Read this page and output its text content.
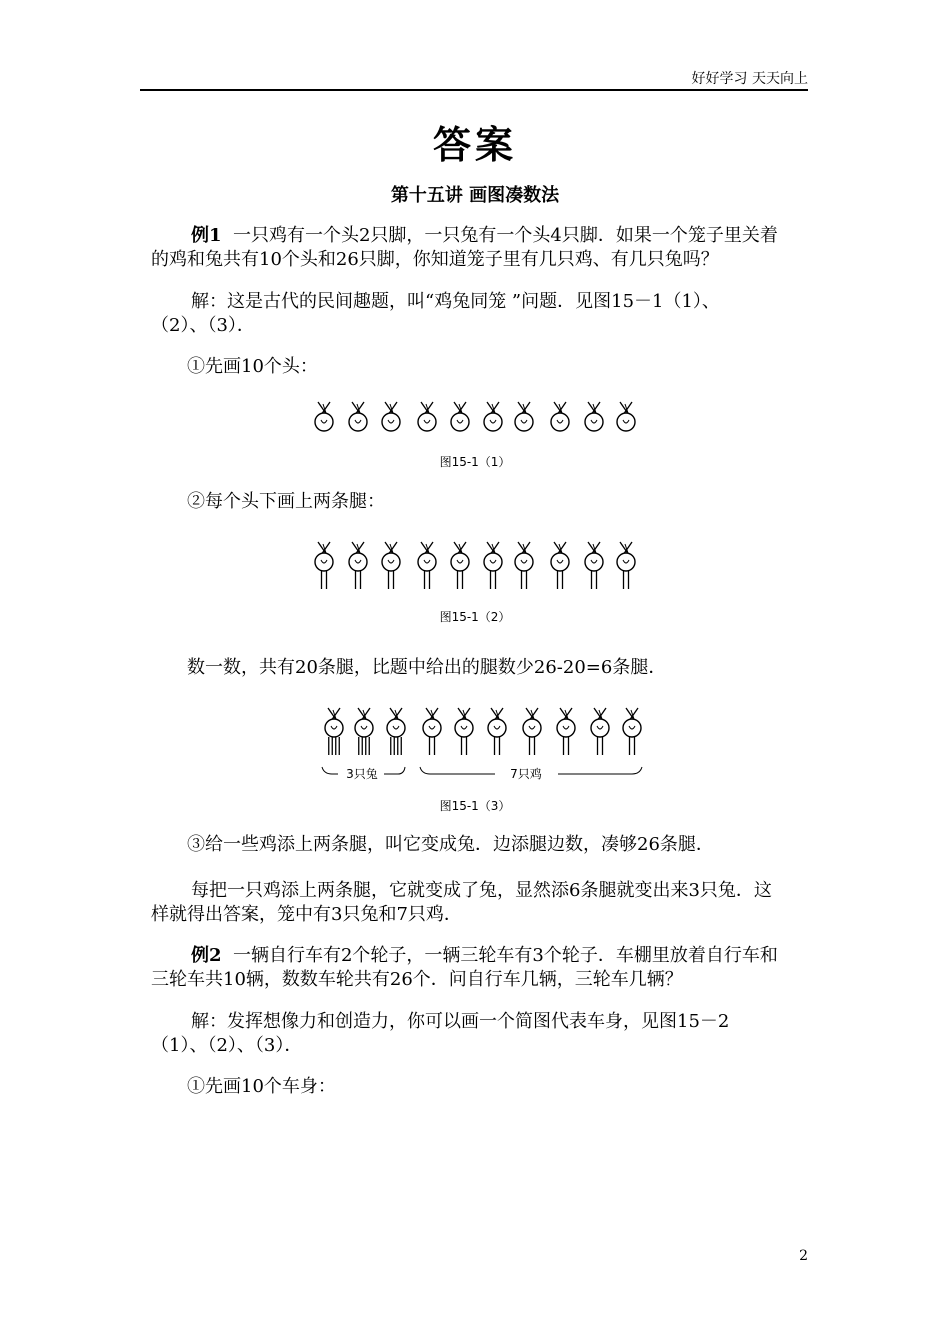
好好学习 天天向上
答案
第十五讲 画图凑数法
例1 一只鸡有一个头2只脚，一只兔有一个头4只脚．如果一个笼子里关着
的鸡和兔共有10个头和26只脚，你知道笼子里有几只鸡、有几只兔吗？
解：这是古代的民间趣题，叫“鸡兔同笼 ”问题．见图15－1（1）、
（2）、（3）．
①先画10个头：
图15-1（1）
②每个头下画上两条腿：
图15-1（2）
数一数，共有20条腿，比题中给出的腿数少26-20=6条腿．
3只兔	7只鸡
图15-1（3）
③给一些鸡添上两条腿，叫它变成兔．边添腿边数，凑够26条腿．
每把一只鸡添上两条腿，它就变成了兔，显然添6条腿就变出来3只兔．这
样就得出答案，笼中有3只兔和7只鸡．
例2 一辆自行车有2个轮子，一辆三轮车有3个轮子．车棚里放着自行车和
三轮车共10辆，数数车轮共有26个．问自行车几辆，三轮车几辆？
解：发挥想像力和创造力，你可以画一个简图代表车身，见图15－2
（1）、（2）、（3）．
①先画10个车身：
2
